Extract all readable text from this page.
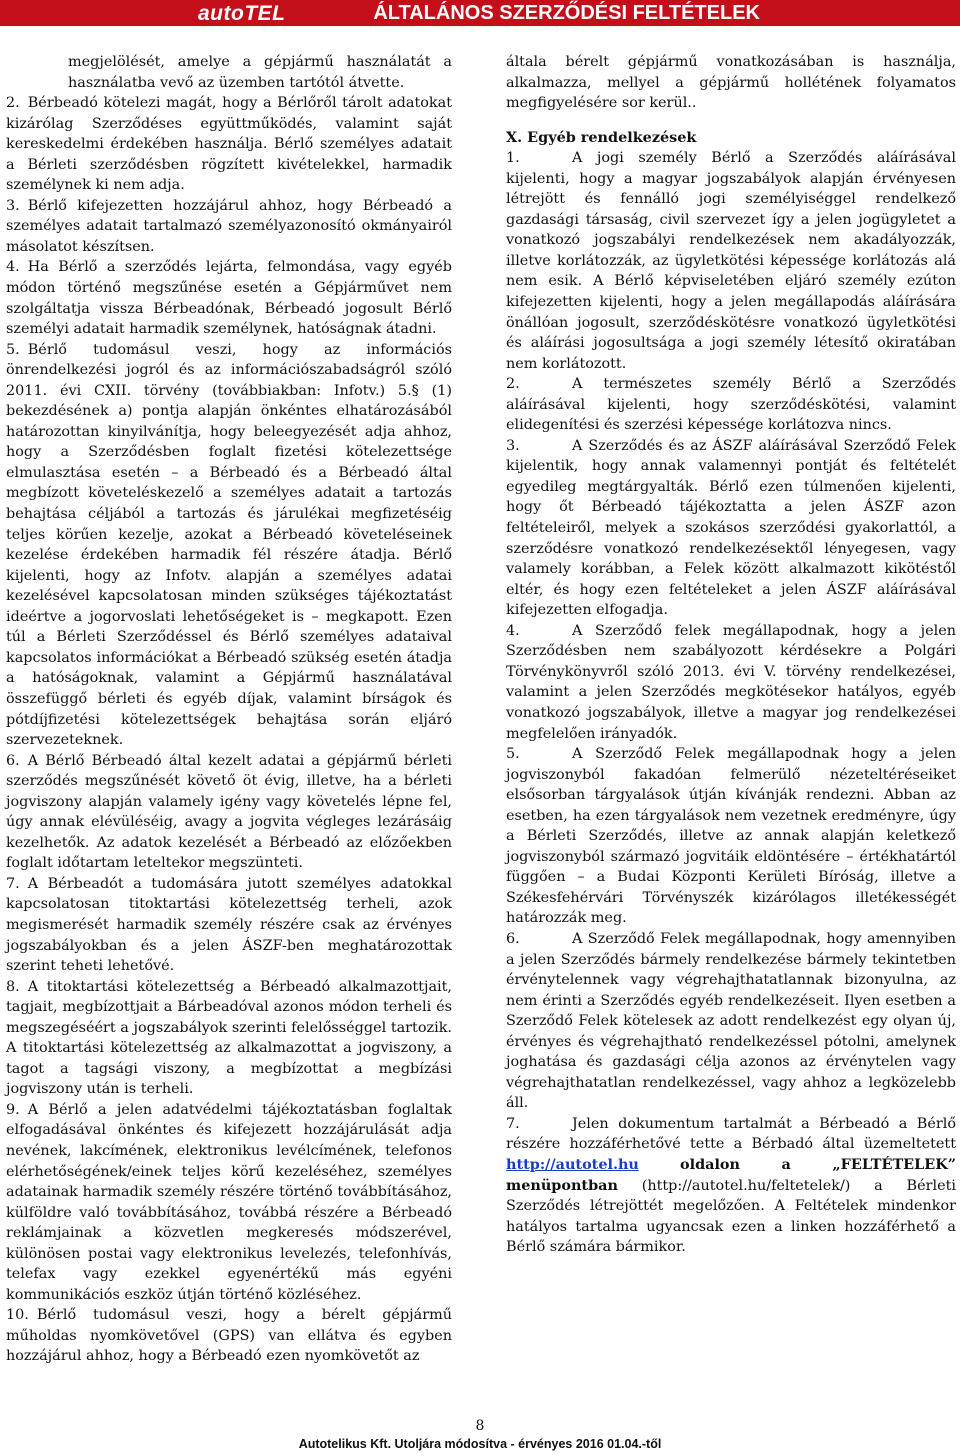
autoTEL	ÁLTALÁNOS SZERZŐDÉSI FELTÉTELEK

megjelölését, amelye a gépjármű használatát a használatba vevő az üzemben tartótól átvette.

2.Bérbeadó kötelezi magát, hogy a Bérlőről tárolt adatokat kizárólag Szerződéses együttműködés, valamint saját kereskedelmi érdekében használja. Bérlő személyes adatait a Bérleti szerződésben rögzített kivételekkel, harmadik személynek ki nem adja.

3.Bérlő kifejezetten hozzájárul ahhoz, hogy Bérbeadó a személyes adatait tartalmazó személyazonosító okmányairól másolatot készítsen.

4.Ha Bérlő a szerződés lejárta, felmondása, vagy egyéb módon történő megszűnése esetén a Gépjárművet nem szolgáltatja vissza Bérbeadónak, Bérbeadó jogosult Bérlő személyi adatait harmadik személynek, hatóságnak átadni.

5.Bérlő tudomásul veszi, hogy az információs önrendelkezési jogról és az információszabadságról szóló 2011. évi CXII. törvény (továbbiakban: Infotv.) 5.§ (1) bekezdésének a) pontja alapján önkéntes elhatározásából határozottan kinyilvánítja, hogy beleegyezését adja ahhoz, hogy a Szerződésben foglalt fizetési kötelezettsége elmulasztása esetén – a Bérbeadó és a Bérbeadó által megbízott követeléskezelő a személyes adatait a tartozás behajtása céljából a tartozás és járulékai megfizetéséig teljes körűen kezelje, azokat a Bérbeadó követeléseinek kezelése érdekében harmadik fél részére átadja. Bérlő kijelenti, hogy az Infotv. alapján a személyes adatai kezelésével kapcsolatosan minden szükséges tájékoztatást ideértve a jogorvoslati lehetőségeket is – megkapott. Ezen túl a Bérleti Szerződéssel és Bérlő személyes adataival kapcsolatos információkat a Bérbeadó szükség esetén átadja a hatóságoknak, valamint a Gépjármű használatával összefüggő bérleti és egyéb díjak, valamint bírságok és pótdíjfizetési kötelezettségek behajtása során eljáró szervezeteknek.

6.A Bérlő Bérbeadó által kezelt adatai a gépjármű bérleti szerződés megszűnését követő öt évig, illetve, ha a bérleti jogviszony alapján valamely igény vagy követelés lépne fel, úgy annak elévüléséig, avagy a jogvita végleges lezárásáig kezelhetők. Az adatok kezelését a Bérbeadó az előzőekben foglalt időtartam leteltekor megszünteti.

7.A Bérbeadót a tudomására jutott személyes adatokkal kapcsolatosan titoktartási kötelezettség terheli, azok megismerését harmadik személy részére csak az érvényes jogszabályokban és a jelen ÁSZF-ben meghatározottak szerint teheti lehetővé.

8.A titoktartási kötelezettség a Bérbeadó alkalmazottjait, tagjait, megbízottjait a Bárbeadóval azonos módon terheli és megszegéséért a jogszabályok szerinti felelősséggel tartozik. A titoktartási kötelezettség az alkalmazottat a jogviszony, a tagot a tagsági viszony, a megbízottat a megbízási jogviszony után is terheli.

9.A Bérlő a jelen adatvédelmi tájékoztatásban foglaltak elfogadásával önkéntes és kifejezett hozzájárulását adja nevének, lakcímének, elektronikus levélcímének, telefonos elérhetőségének/einek teljes körű kezeléséhez, személyes adatainak harmadik személy részére történő továbbításához, külföldre való továbbításához, továbbá részére a Bérbeadó reklámjainak a közvetlen megkeresés módszerével, különösen postai vagy elektronikus levelezés, telefonhívás, telefax vagy ezekkel egyenértékű más egyéni kommunikációs eszköz útján történő közléséhez.

10.Bérlő tudomásul veszi, hogy a bérelt gépjármű műholdas nyomkövetővel (GPS) van ellátva és egyben hozzájárul ahhoz, hogy a Bérbeadó ezen nyomkövetőt az

általa bérelt gépjármű vonatkozásában is használja, alkalmazza, mellyel a gépjármű hollétének folyamatos megfigyelésére sor kerül..

X. Egyéb rendelkezések

1.	A jogi személy Bérlő a Szerződés aláírásával kijelenti, hogy a magyar jogszabályok alapján érvényesen létrejött és fennálló jogi személyiséggel rendelkező gazdasági társaság, civil szervezet így a jelen jogügyletet a vonatkozó jogszabályi rendelkezések nem akadályozzák, illetve korlátozzák, az ügyletkötési képessége korlátozás alá nem esik. A Bérlő képviseletében eljáró személy ezúton kifejezetten kijelenti, hogy a jelen megállapodás aláírására önállóan jogosult, szerződéskötésre vonatkozó ügyletkötési és aláírási jogosultsága a jogi személy létesítő okiratában nem korlátozott.

2.	A természetes személy Bérlő a Szerződés aláírásával kijelenti, hogy szerződéskötési, valamint elidegenítési és szerzési képessége korlátozva nincs.

3.	A Szerződés és az ÁSZF aláírásával Szerződő Felek kijelentik, hogy annak valamennyi pontját és feltételét egyedileg megtárgyalták. Bérlő ezen túlmenően kijelenti, hogy őt Bérbeadó tájékoztatta a jelen ÁSZF azon feltételeiről, melyek a szokásos szerződési gyakorlattól, a szerződésre vonatkozó rendelkezésektől lényegesen, vagy valamely korábban, a Felek között alkalmazott kikötéstől eltér, és hogy ezen feltételeket a jelen ÁSZF aláírásával kifejezetten elfogadja.

4.	A Szerződő felek megállapodnak, hogy a jelen Szerződésben nem szabályozott kérdésekre a Polgári Törvénykönyvről szóló 2013. évi V. törvény rendelkezései, valamint a jelen Szerződés megkötésekor hatályos, egyéb vonatkozó jogszabályok, illetve a magyar jog rendelkezései megfelelően irányadók.

5.	A Szerződő Felek megállapodnak hogy a jelen jogviszonyból fakadóan felmerülő nézeteltéréseiket elsősorban tárgyalások útján kívánják rendezni. Abban az esetben, ha ezen tárgyalások nem vezetnek eredményre, úgy a Bérleti Szerződés, illetve az annak alapján keletkező jogviszonyból származó jogvitáik eldöntésére – értékhatártól függően – a Budai Központi Kerületi Bíróság, illetve a Székesfehérvári Törvényszék kizárólagos illetékességét határozzák meg.

6.	A Szerződő Felek megállapodnak, hogy amennyiben a jelen Szerződés bármely rendelkezése bármely tekintetben érvénytelennek vagy végrehajthatatlannak bizonyulna, az nem érinti a Szerződés egyéb rendelkezéseit. Ilyen esetben a Szerződő Felek kötelesek az adott rendelkezést egy olyan új, érvényes és végrehajtható rendelkezéssel pótolni, amelynek joghatása és gazdasági célja azonos az érvénytelen vagy végrehajthatatlan rendelkezéssel, vagy ahhoz a legközelebb áll.

7.	Jelen dokumentum tartalmát a Bérbeadó a Bérlő részére hozzáférhetővé tette a Bérbadó által üzemeltetett http://autotel.hu	oldalon a „FELTÉTELEK” menüpontban (http://autotel.hu/feltetelek/) a Bérleti Szerződés létrejöttét megelőzően. A Feltételek mindenkor hatályos tartalma ugyancsak ezen a linken hozzáférhető a Bérlő számára bármikor.

8
Autotelikus Kft. Utoljára módosítva - érvényes 2016 01.04.-től
